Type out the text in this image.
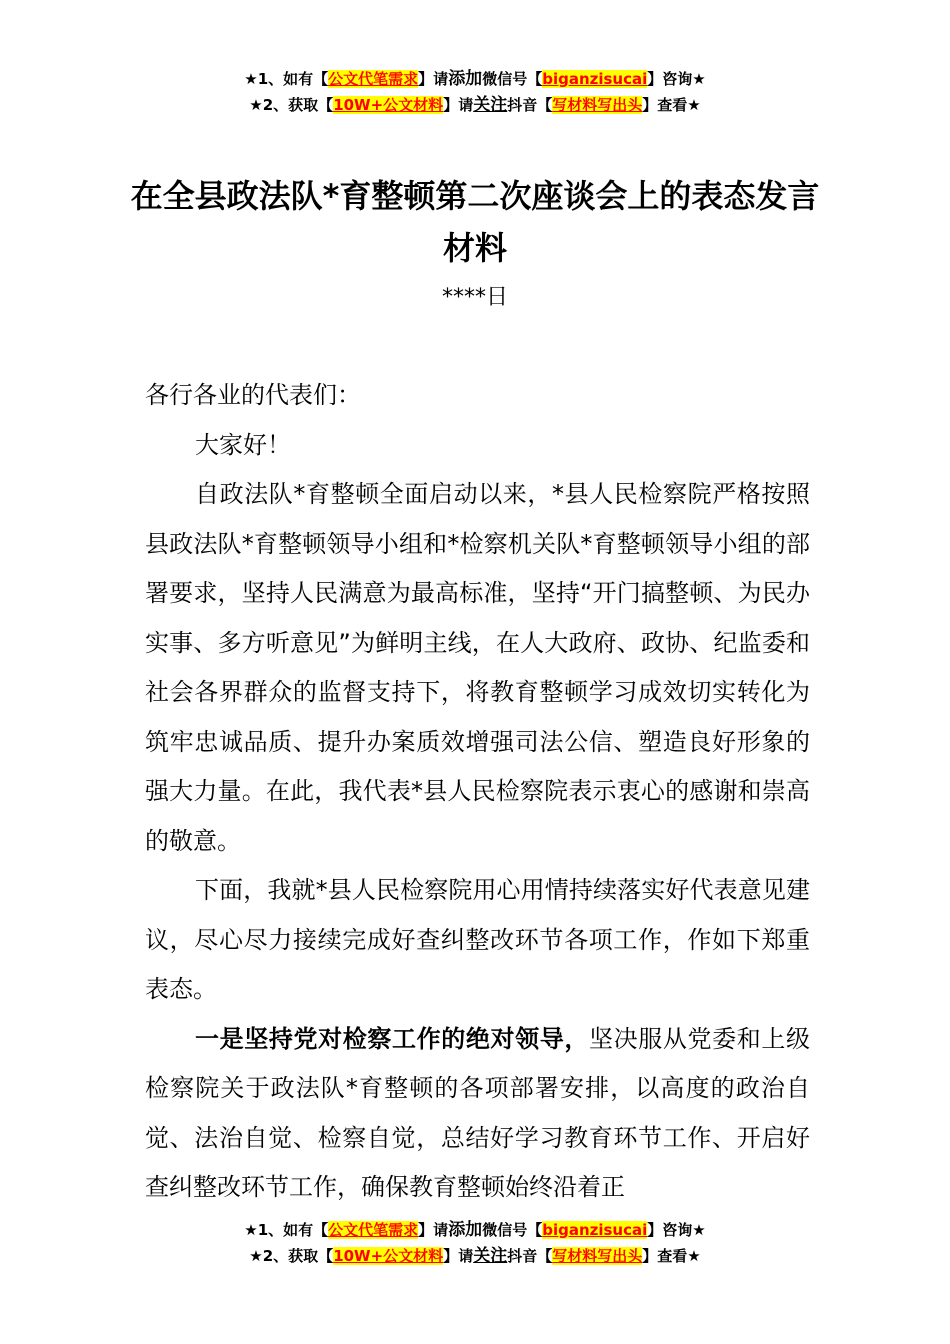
★1、如有【公文代笔需求】请添加微信号【biganzisucai】咨询★
★2、获取【10W+公文材料】请关注抖音【写材料写出头】查看★
在全县政法队*育整顿第二次座谈会上的表态发言材料
****日

各行各业的代表们：

大家好！

自政法队*育整顿全面启动以来，*县人民检察院严格按照县政法队*育整顿领导小组和*检察机关队*育整顿领导小组的部署要求，坚持人民满意为最高标准，坚持“开门搞整顿、为民办实事、多方听意见”为鲜明主线，在人大政府、政协、纪监委和社会各界群众的监督支持下，将教育整顿学习成效切实转化为筑牢忠诚品质、提升办案质效增强司法公信、塑造良好形象的强大力量。在此，我代表*县人民检察院表示衷心的感谢和崇高的敬意。

下面，我就*县人民检察院用心用情持续落实好代表意见建议，尽心尽力接续完成好查纠整改环节各项工作，作如下郑重表态。

一是坚持党对检察工作的绝对领导，坚决服从党委和上级检察院关于政法队*育整顿的各项部署安排，以高度的政治自觉、法治自觉、检察自觉，总结好学习教育环节工作、开启好查纠整改环节工作，确保教育整顿始终沿着正

★1、如有【公文代笔需求】请添加微信号【biganzisucai】咨询★
★2、获取【10W+公文材料】请关注抖音【写材料写出头】查看★
